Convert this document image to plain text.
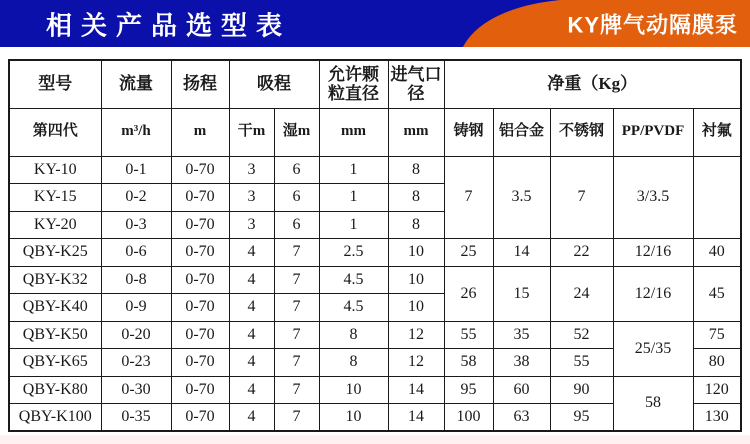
相关产品选型表	KY牌气动隔膜泵
型号	流量	扬程	吸程		允许颗粒直径	进气口径	净重（Kg）				
第四代	m³/h	m	干m	湿m	mm	mm	铸钢	铝合金	不锈钢	PP/PVDF	衬氟
KY-10	0-1	0-70	3	6	1	8	7	3.5	7	3/3.5	
KY-15	0-2	0-70	3	6	1	8					
KY-20	0-3	0-70	3	6	1	8					
QBY-K25	0-6	0-70	4	7	2.5	10	25	14	22	12/16	40
QBY-K32	0-8	0-70	4	7	4.5	10	26	15	24	12/16	45
QBY-K40	0-9	0-70	4	7	4.5	10					
QBY-K50	0-20	0-70	4	7	8	12	55	35	52	25/35	75
QBY-K65	0-23	0-70	4	7	8	12	58	38	55		80
QBY-K80	0-30	0-70	4	7	10	14	95	60	90	58	120
QBY-K100	0-35	0-70	4	7	10	14	100	63	95		130
